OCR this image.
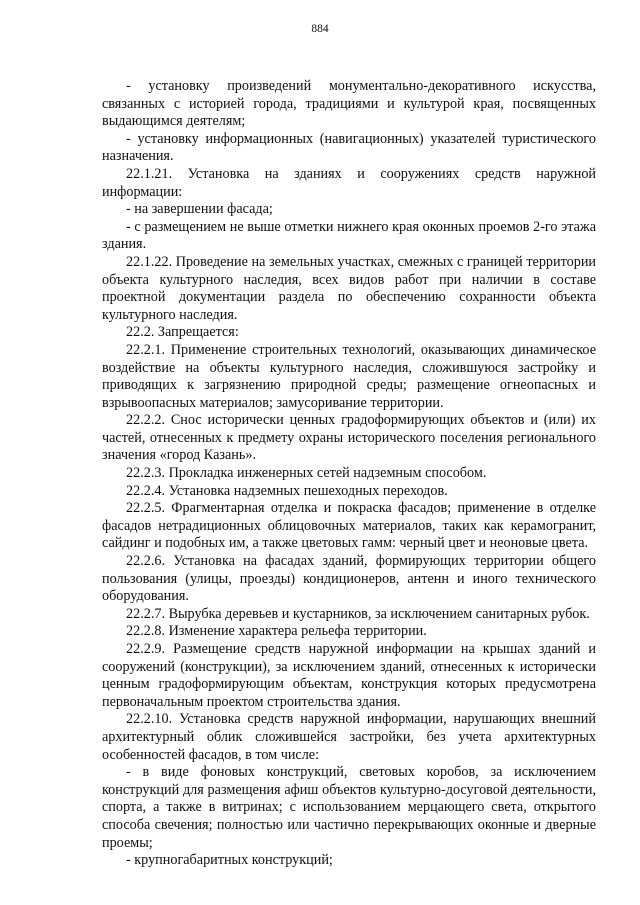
884

- установку произведений монументально-декоративного искусства, связанных с историей города, традициями и культурой края, посвященных выдающимся деятелям;

- установку информационных (навигационных) указателей туристического назначения.

22.1.21. Установка на зданиях и сооружениях средств наружной информации:

- на завершении фасада;

- с размещением не выше отметки нижнего края оконных проемов 2-го этажа здания.

22.1.22. Проведение на земельных участках, смежных с границей территории объекта культурного наследия, всех видов работ при наличии в составе проектной документации раздела по обеспечению сохранности объекта культурного наследия.

22.2. Запрещается:

22.2.1. Применение строительных технологий, оказывающих динамическое воздействие на объекты культурного наследия, сложившуюся застройку и приводящих к загрязнению природной среды; размещение огнеопасных и взрывоопасных материалов; замусоривание территории.

22.2.2. Снос исторически ценных градоформирующих объектов и (или) их частей, отнесенных к предмету охраны исторического поселения регионального значения «город Казань».

22.2.3. Прокладка инженерных сетей надземным способом.

22.2.4. Установка надземных пешеходных переходов.

22.2.5. Фрагментарная отделка и покраска фасадов; применение в отделке фасадов нетрадиционных облицовочных материалов, таких как керамогранит, сайдинг и подобных им, а также цветовых гамм: черный цвет и неоновые цвета.

22.2.6. Установка на фасадах зданий, формирующих территории общего пользования (улицы, проезды) кондиционеров, антенн и иного технического оборудования.

22.2.7. Вырубка деревьев и кустарников, за исключением санитарных рубок.

22.2.8. Изменение характера рельефа территории.

22.2.9. Размещение средств наружной информации на крышах зданий и сооружений (конструкции), за исключением зданий, отнесенных к исторически ценным градоформирующим объектам, конструкция которых предусмотрена первоначальным проектом строительства здания.

22.2.10. Установка средств наружной информации, нарушающих внешний архитектурный облик сложившейся застройки, без учета архитектурных особенностей фасадов, в том числе:

- в виде фоновых конструкций, световых коробов, за исключением конструкций для размещения афиш объектов культурно-досуговой деятельности, спорта, а также в витринах; с использованием мерцающего света, открытого способа свечения; полностью или частично перекрывающих оконные и дверные проемы;

- крупногабаритных конструкций;
